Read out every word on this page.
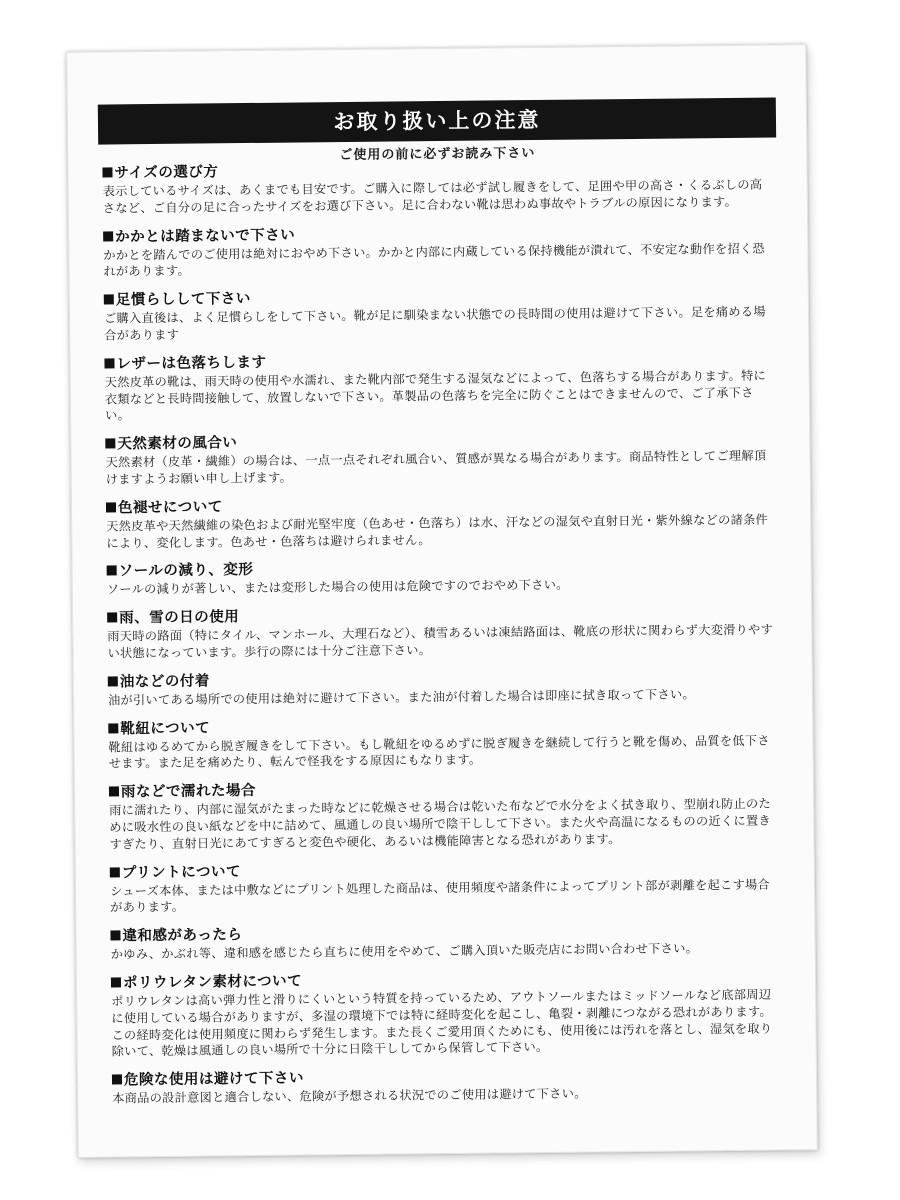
お取り扱い上の注意
ご使用の前に必ずお読み下さい
サイズの選び方
表示しているサイズは、あくまでも目安です。ご購入に際しては必ず試し履きをして、足囲や甲の高さ・くるぶしの高さなど、ご自分の足に合ったサイズをお選び下さい。足に合わない靴は思わぬ事故やトラブルの原因になります。
かかとは踏まないで下さい
かかとを踏んでのご使用は絶対におやめ下さい。かかと内部に内蔵している保持機能が潰れて、不安定な動作を招く恐れがあります。
足慣らしして下さい
ご購入直後は、よく足慣らしをして下さい。靴が足に馴染まない状態での長時間の使用は避けて下さい。足を痛める場合があります
レザーは色落ちします
天然皮革の靴は、雨天時の使用や水濡れ、また靴内部で発生する湿気などによって、色落ちする場合があります。特に衣類などと長時間接触して、放置しないで下さい。革製品の色落ちを完全に防ぐことはできませんので、ご了承下さい。
天然素材の風合い
天然素材（皮革・繊維）の場合は、一点一点それぞれ風合い、質感が異なる場合があります。商品特性としてご理解頂けますようお願い申し上げます。
色褪せについて
天然皮革や天然繊維の染色および耐光堅牢度（色あせ・色落ち）は水、汗などの湿気や直射日光・紫外線などの諸条件により、変化します。色あせ・色落ちは避けられません。
ソールの減り、変形
ソールの減りが著しい、または変形した場合の使用は危険ですのでおやめ下さい。
雨、雪の日の使用
雨天時の路面（特にタイル、マンホール、大理石など）、積雪あるいは凍結路面は、靴底の形状に関わらず大変滑りやすい状態になっています。歩行の際には十分ご注意下さい。
油などの付着
油が引いてある場所での使用は絶対に避けて下さい。また油が付着した場合は即座に拭き取って下さい。
靴紐について
靴紐はゆるめてから脱ぎ履きをして下さい。もし靴紐をゆるめずに脱ぎ履きを継続して行うと靴を傷め、品質を低下させます。また足を痛めたり、転んで怪我をする原因にもなります。
雨などで濡れた場合
雨に濡れたり、内部に湿気がたまった時などに乾燥させる場合は乾いた布などで水分をよく拭き取り、型崩れ防止のために吸水性の良い紙などを中に詰めて、風通しの良い場所で陰干しして下さい。また火や高温になるものの近くに置きすぎたり、直射日光にあてすぎると変色や硬化、あるいは機能障害となる恐れがあります。
プリントについて
シューズ本体、または中敷などにプリント処理した商品は、使用頻度や諸条件によってプリント部が剥離を起こす場合があります。
違和感があったら
かゆみ、かぶれ等、違和感を感じたら直ちに使用をやめて、ご購入頂いた販売店にお問い合わせ下さい。
ポリウレタン素材について
ポリウレタンは高い弾力性と滑りにくいという特質を持っているため、アウトソールまたはミッドソールなど底部周辺に使用している場合がありますが、多湿の環境下では特に経時変化を起こし、亀裂・剥離につながる恐れがあります。この経時変化は使用頻度に関わらず発生します。また長くご愛用頂くためにも、使用後には汚れを落とし、湿気を取り除いて、乾燥は風通しの良い場所で十分に日陰干ししてから保管して下さい。
危険な使用は避けて下さい
本商品の設計意図と適合しない、危険が予想される状況でのご使用は避けて下さい。
